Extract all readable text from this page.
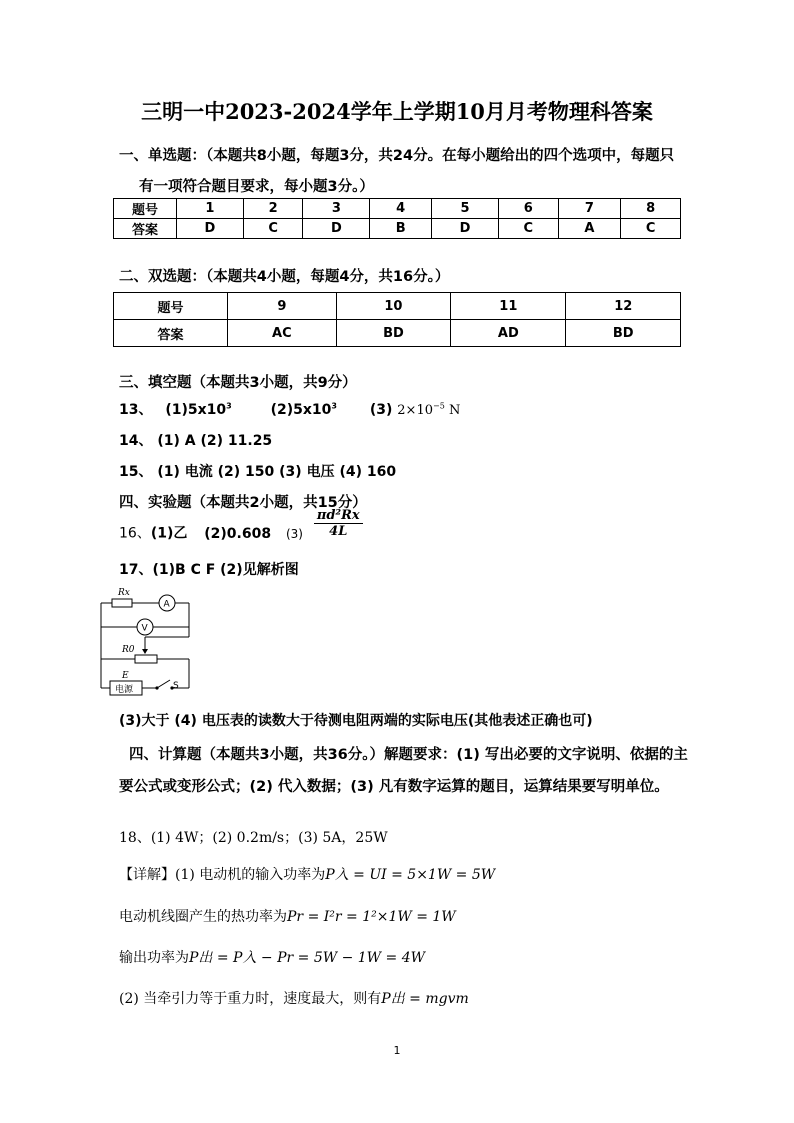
三明一中2023-2024学年上学期10月月考物理科答案
一、单选题：（本题共8小题，每题3分，共24分。在每小题给出的四个选项中，每题只
有一项符合题目要求，每小题3分。）
题号	1	2	3	4	5	6	7	8
答案	D	C	D	B	D	C	A	C
二、双选题：（本题共4小题，每题4分，共16分。）
题号	9	10	11	12
答案	AC	BD	AD	BD
三、填空题（本题共3小题，共9分）
13、 $(1)5x10^3$	$(2)5x10^3$ (3) $2\times 10^{-5}$ N
14、 (1) A (2) 11.25
15、 (1) 电流 (2) 150 (3) 电压 (4) 160
四、实验题（本题共2小题，共15分）
16、(1)乙 (2)0.608 $(3) \frac{\text{πd²Rx}}{4L}$
17、(1)B C F (2)见解析图
Rx
A
V
R0
E
电源	S
(3)大于 (4) 电压表的读数大于待测电阻两端的实际电压(其他表述正确也可)
四、计算题（本题共3小题，共36分。）解题要求：(1) 写出必要的文字说明、依据的主
要公式或变形公式；(2) 代入数据；(3) 凡有数字运算的题目，运算结果要写明单位。
18、(1) 4W；(2) 0.2m/s；(3) 5A，25W
【详解】(1) 电动机的输入功率为P入 = UI = 5×1W = 5W
电动机线圈产生的热功率为Pr = I²r = 1²×1W = 1W
输出功率为P出 = P入 − Pr = 5W − 1W = 4W
(2) 当牵引力等于重力时，速度最大，则有P出 = mgvm
1
